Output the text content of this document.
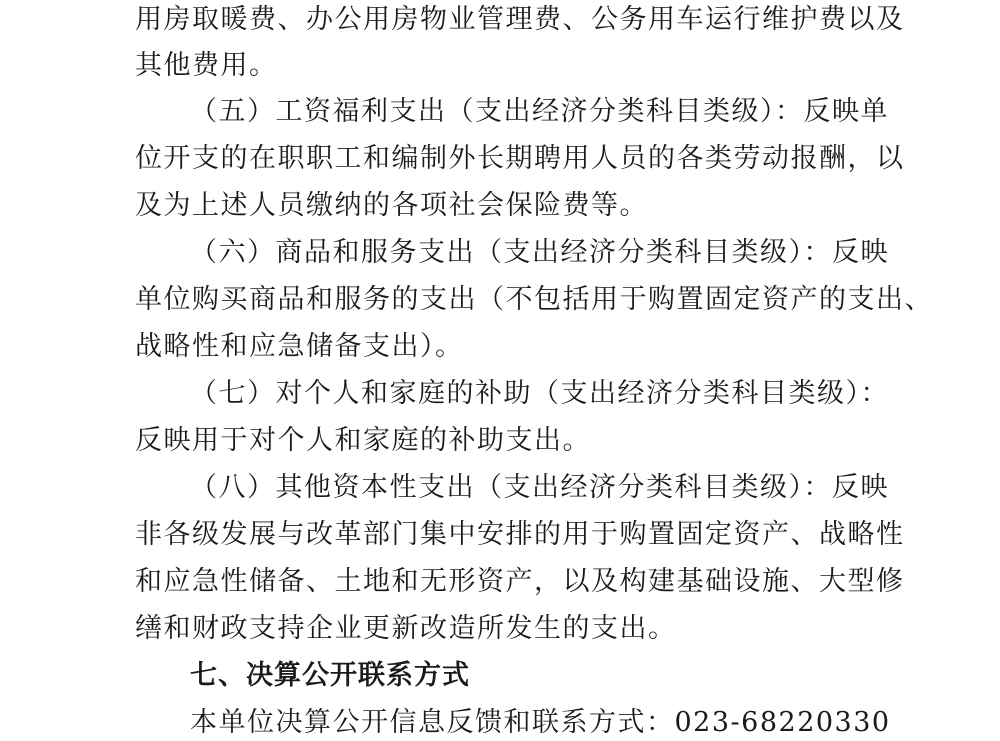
用房取暖费、办公用房物业管理费、公务用车运行维护费以及
其他费用。
（五）工资福利支出（支出经济分类科目类级）：反映单
位开支的在职职工和编制外长期聘用人员的各类劳动报酬，以
及为上述人员缴纳的各项社会保险费等。
（六）商品和服务支出（支出经济分类科目类级）：反映
单位购买商品和服务的支出（不包括用于购置固定资产的支出、
战略性和应急储备支出）。
（七）对个人和家庭的补助（支出经济分类科目类级）：
反映用于对个人和家庭的补助支出。
（八）其他资本性支出（支出经济分类科目类级）：反映
非各级发展与改革部门集中安排的用于购置固定资产、战略性
和应急性储备、土地和无形资产，以及构建基础设施、大型修
缮和财政支持企业更新改造所发生的支出。
七、决算公开联系方式
本单位决算公开信息反馈和联系方式：023-68220330
